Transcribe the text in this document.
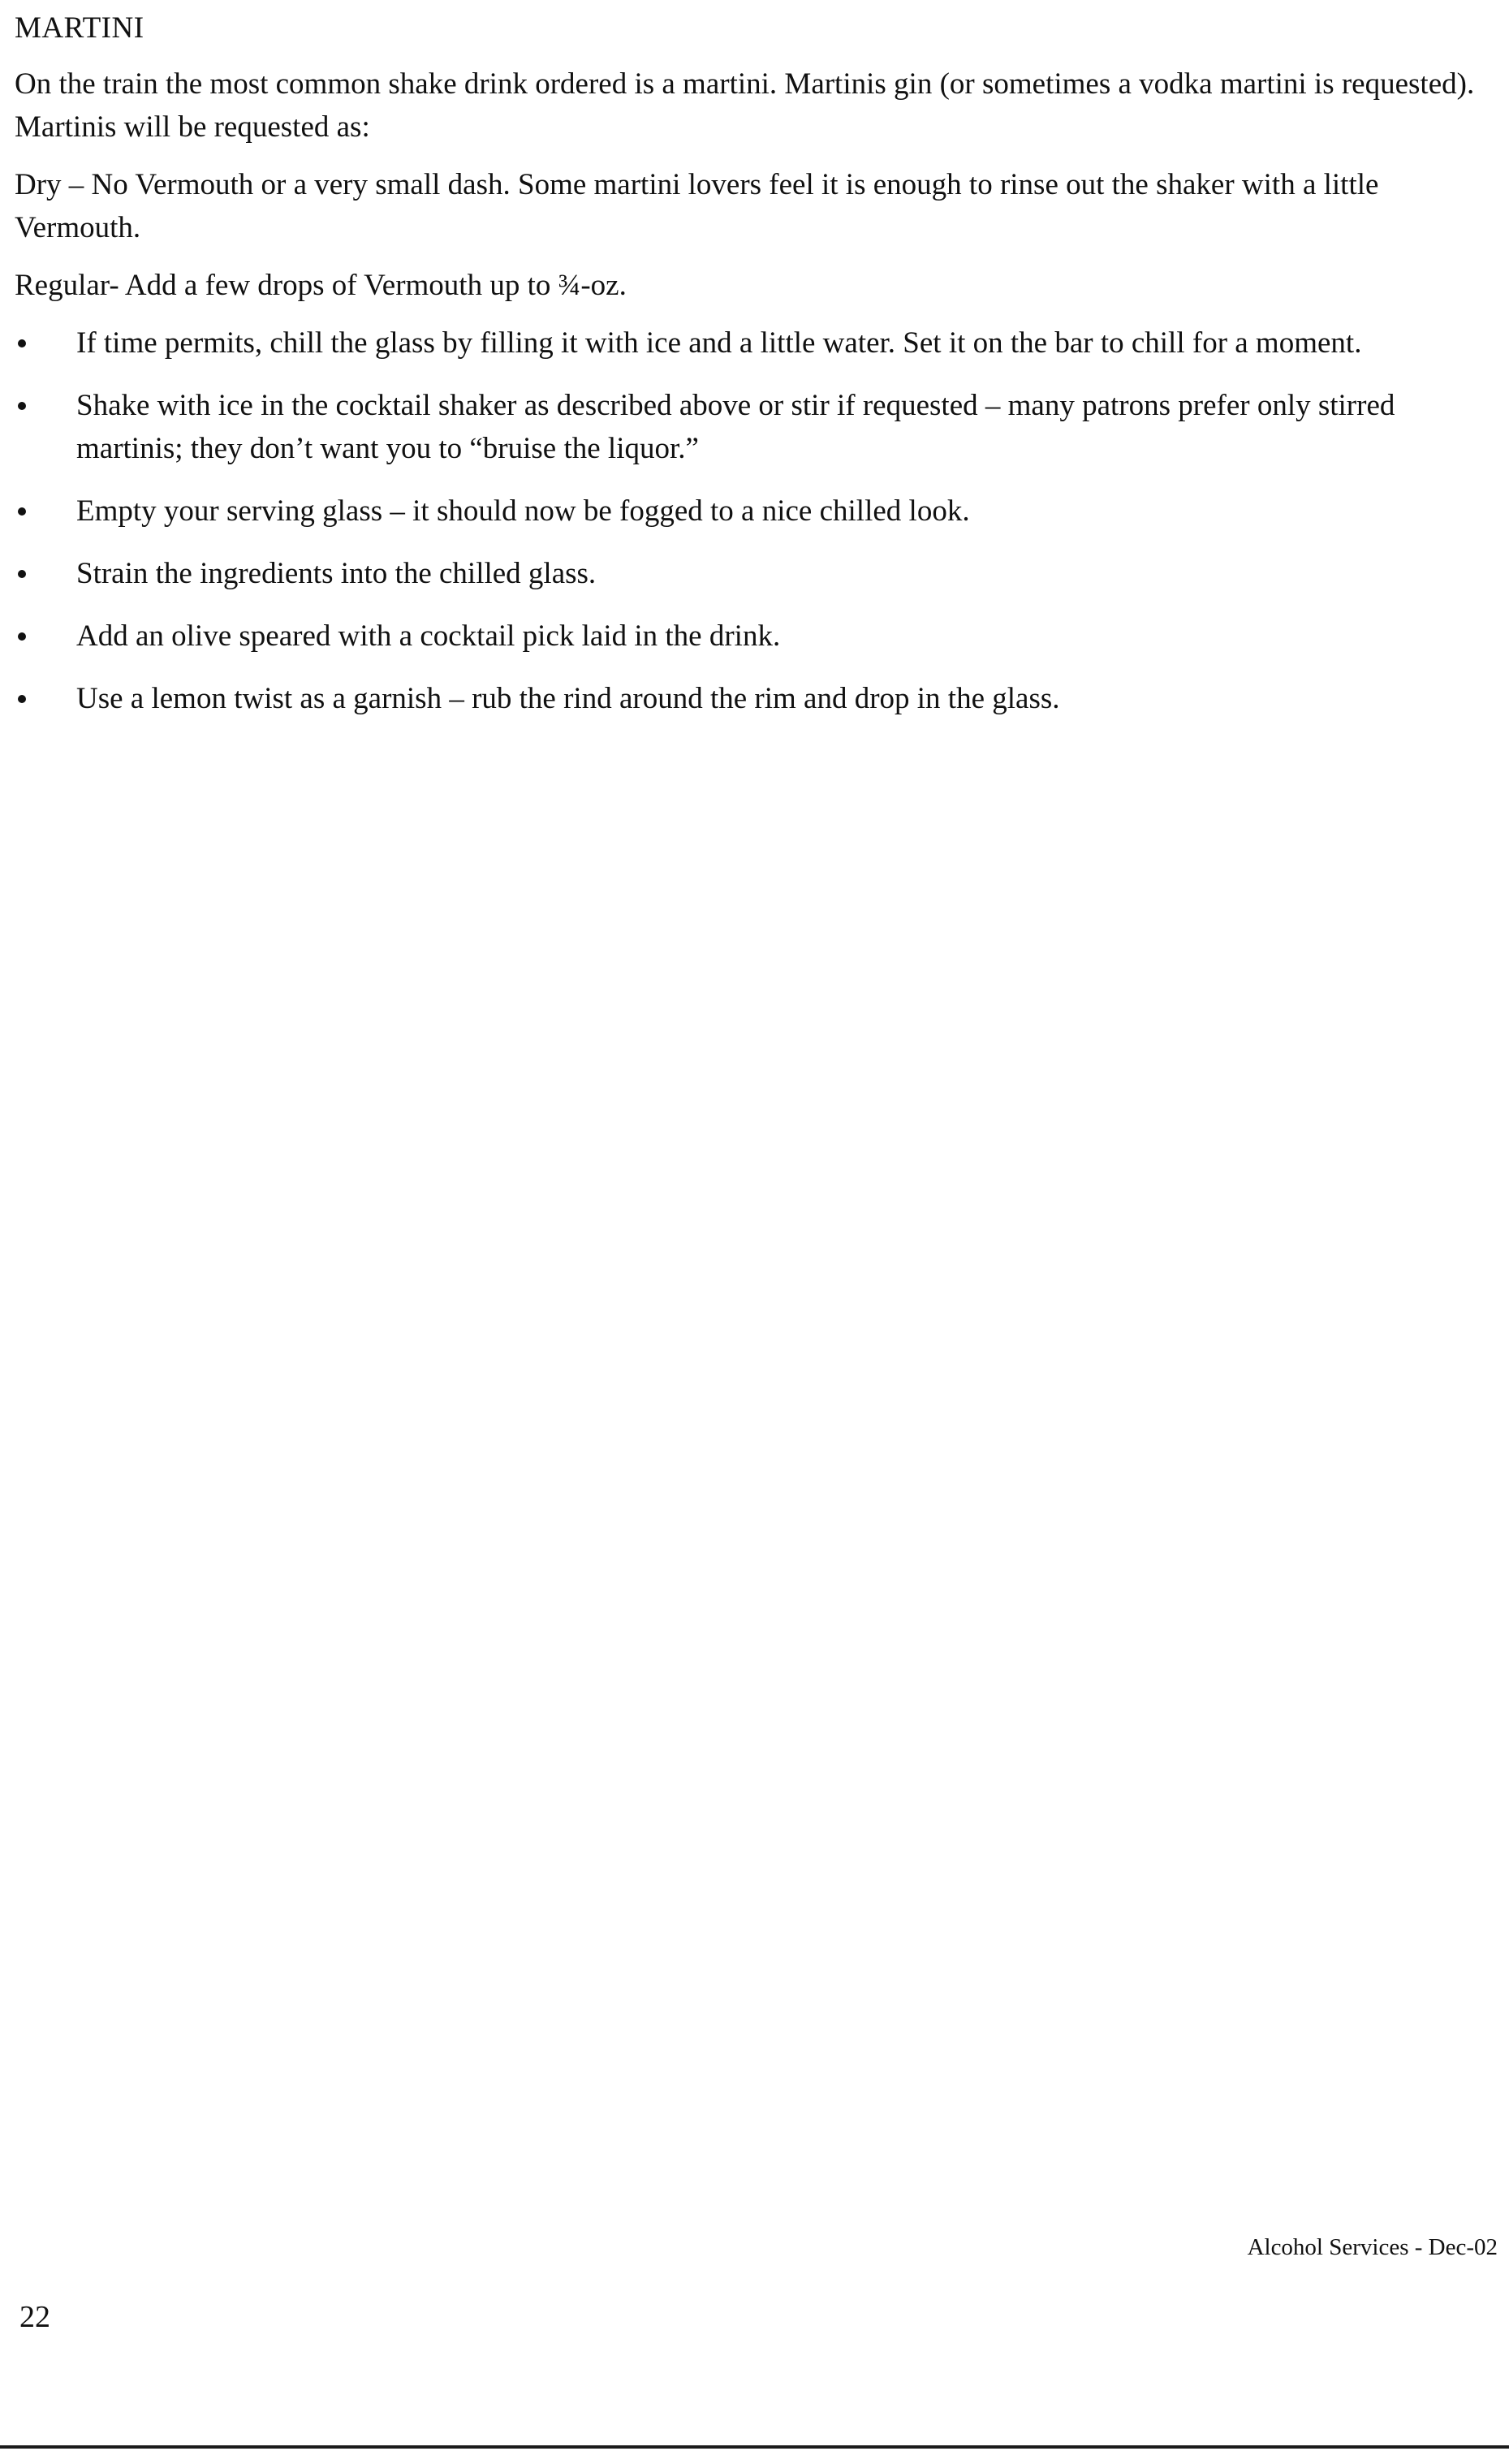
MARTINI

On the train the most common shake drink ordered is a martini. Martinis gin (or sometimes a vodka martini is requested). Martinis will be requested as:

Dry – No Vermouth or a very small dash. Some martini lovers feel it is enough to rinse out the shaker with a little Vermouth.

Regular- Add a few drops of Vermouth up to ¾-oz.

If time permits, chill the glass by filling it with ice and a little water. Set it on the bar to chill for a moment.
Shake with ice in the cocktail shaker as described above or stir if requested – many patrons prefer only stirred martinis; they don’t want you to “bruise the liquor.”
Empty your serving glass – it should now be fogged to a nice chilled look.
Strain the ingredients into the chilled glass.
Add an olive speared with a cocktail pick laid in the drink.
Use a lemon twist as a garnish – rub the rind around the rim and drop in the glass.
Alcohol Services - Dec-02
22
